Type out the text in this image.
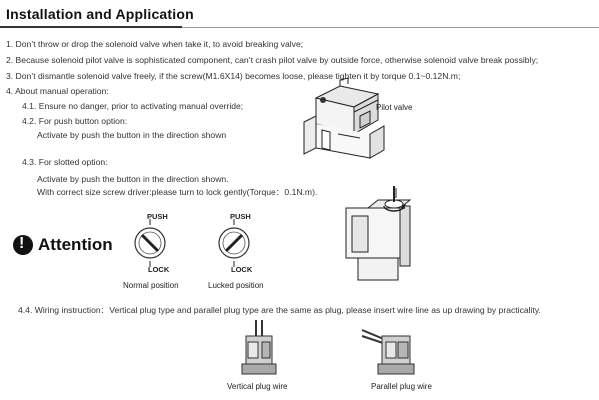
Installation and Application
1. Don’t throw or drop the solenoid valve when take it, to avoid breaking valve;
2. Because solenoid pilot valve is sophisticated component, can’t crash pilot valve by outside force, otherwise solenoid valve break possibly;
3. Don’t dismantle solenoid valve freely, if the screw(M1.6X14) becomes loose, please tighten it by torque 0.1~0.12N.m;
4. About manual operation:
4.1. Ensure no danger, prior to activating manual override;
4.2. For push button option:
Activate by push the button in the direction shown
4.3. For slotted option:
Activate by push the button in the direction shown.
With correct size screw driver:please turn to lock gently(Torque：0.1N.m).
Pilot valve
! Attention
PUSH
LOCK
Normal position
PUSH
LOCK
Lucked position
4.4. Wiring instruction：Vertical plug type and parallel plug type are the same as plug, please insert wire line as up drawing by practicality.
Vertical plug wire	Parallel plug wire
